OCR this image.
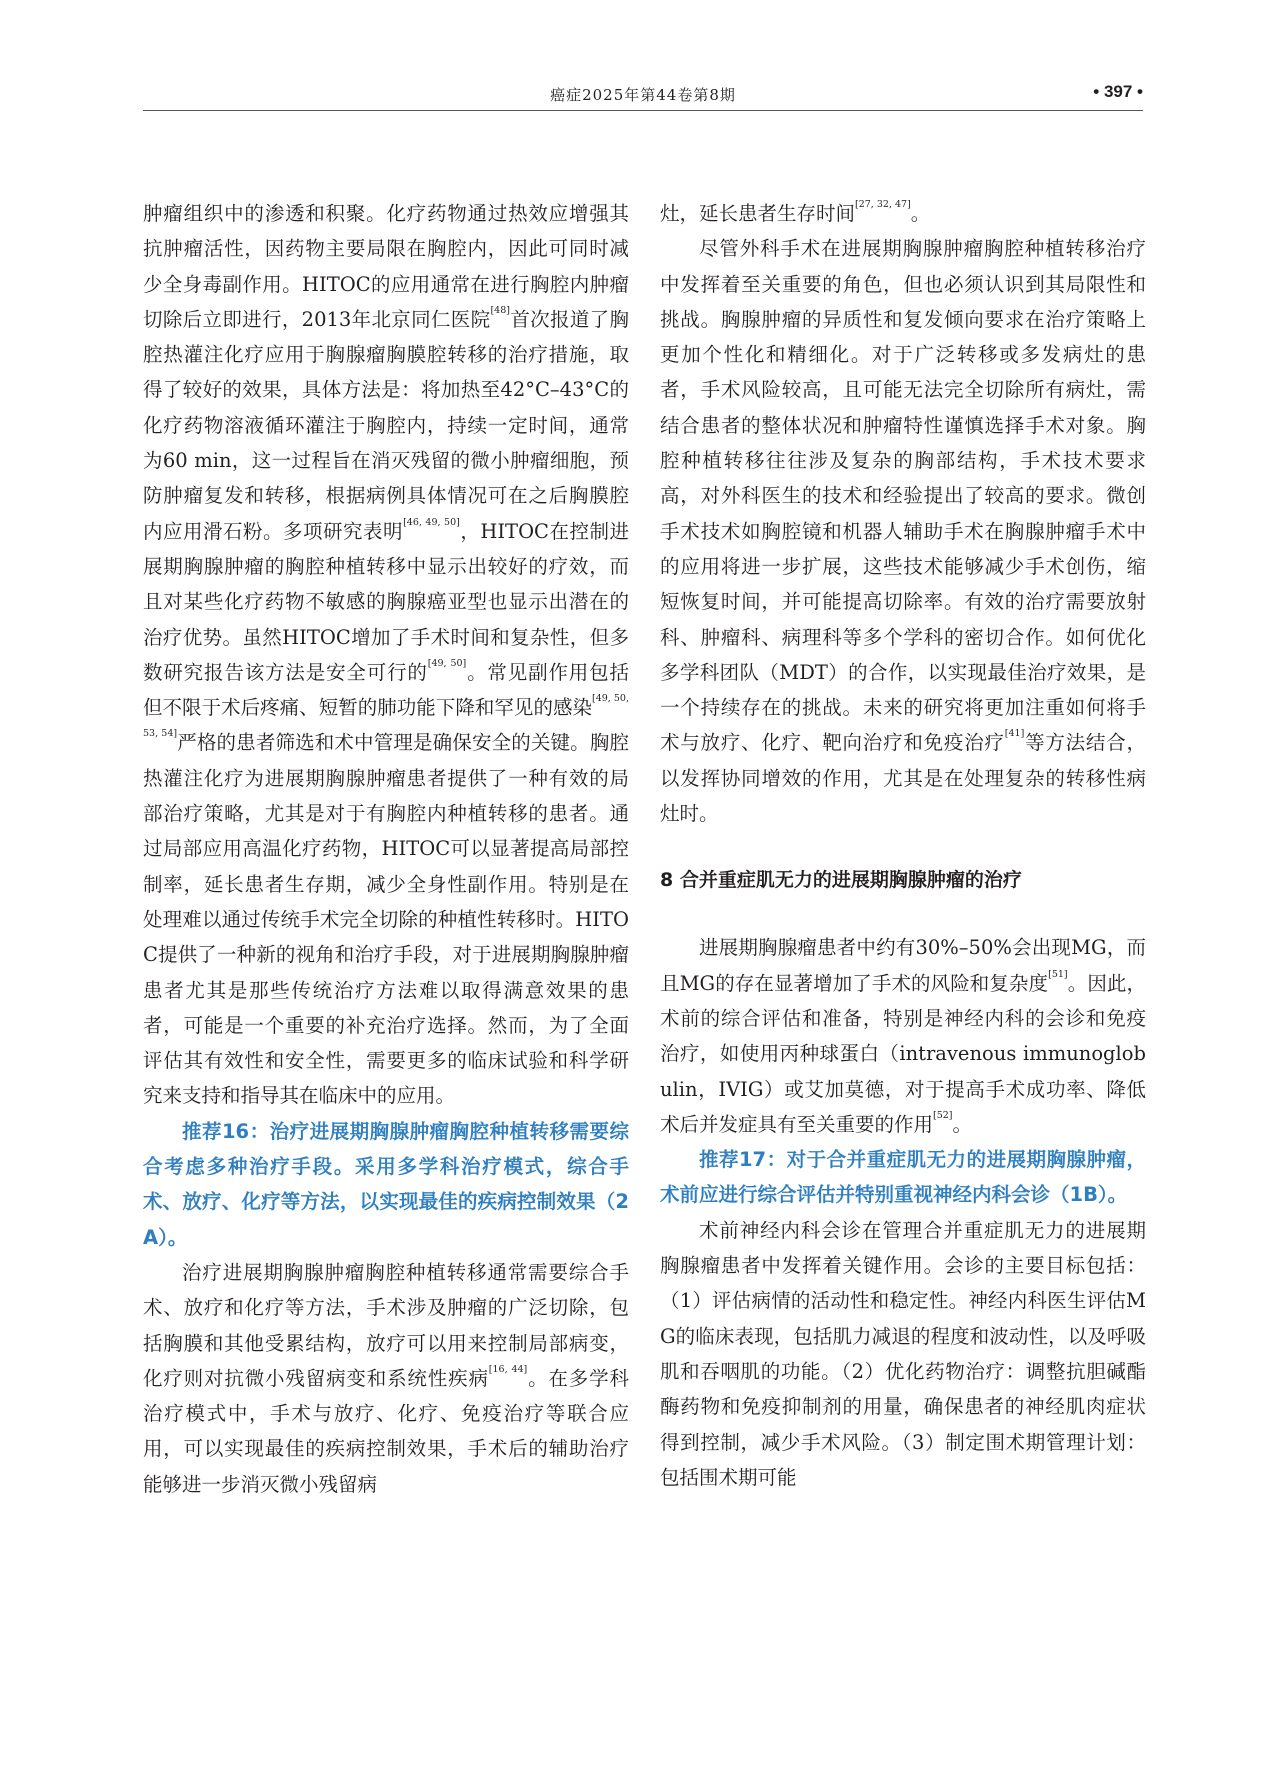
癌症2025年第44卷第8期	• 397 •

肿瘤组织中的渗透和积聚。化疗药物通过热效应增强其抗肿瘤活性，因药物主要局限在胸腔内，因此可同时减少全身毒副作用。HITOC的应用通常在进行胸腔内肿瘤切除后立即进行，2013年北京同仁医院[48]首次报道了胸腔热灌注化疗应用于胸腺瘤胸膜腔转移的治疗措施，取得了较好的效果，具体方法是：将加热至42°C–43°C的化疗药物溶液循环灌注于胸腔内，持续一定时间，通常为60 min，这一过程旨在消灭残留的微小肿瘤细胞，预防肿瘤复发和转移，根据病例具体情况可在之后胸膜腔内应用滑石粉。多项研究表明[46, 49, 50]，HITOC在控制进展期胸腺肿瘤的胸腔种植转移中显示出较好的疗效，而且对某些化疗药物不敏感的胸腺癌亚型也显示出潜在的治疗优势。虽然HITOC增加了手术时间和复杂性，但多数研究报告该方法是安全可行的[49, 50]。常见副作用包括但不限于术后疼痛、短暂的肺功能下降和罕见的感染[49, 50, 53, 54]严格的患者筛选和术中管理是确保安全的关键。胸腔热灌注化疗为进展期胸腺肿瘤患者提供了一种有效的局部治疗策略，尤其是对于有胸腔内种植转移的患者。通过局部应用高温化疗药物，HITOC可以显著提高局部控制率，延长患者生存期，减少全身性副作用。特别是在处理难以通过传统手术完全切除的种植性转移时。HITOC提供了一种新的视角和治疗手段，对于进展期胸腺肿瘤患者尤其是那些传统治疗方法难以取得满意效果的患者，可能是一个重要的补充治疗选择。然而，为了全面评估其有效性和安全性，需要更多的临床试验和科学研究来支持和指导其在临床中的应用。

推荐16：治疗进展期胸腺肿瘤胸腔种植转移需要综合考虑多种治疗手段。采用多学科治疗模式，综合手术、放疗、化疗等方法，以实现最佳的疾病控制效果（2A）。

治疗进展期胸腺肿瘤胸腔种植转移通常需要综合手术、放疗和化疗等方法，手术涉及肿瘤的广泛切除，包括胸膜和其他受累结构，放疗可以用来控制局部病变，化疗则对抗微小残留病变和系统性疾病[16, 44]。在多学科治疗模式中，手术与放疗、化疗、免疫治疗等联合应用，可以实现最佳的疾病控制效果，手术后的辅助治疗能够进一步消灭微小残留病

灶，延长患者生存时间[27, 32, 47]。

尽管外科手术在进展期胸腺肿瘤胸腔种植转移治疗中发挥着至关重要的角色，但也必须认识到其局限性和挑战。胸腺肿瘤的异质性和复发倾向要求在治疗策略上更加个性化和精细化。对于广泛转移或多发病灶的患者，手术风险较高，且可能无法完全切除所有病灶，需结合患者的整体状况和肿瘤特性谨慎选择手术对象。胸腔种植转移往往涉及复杂的胸部结构，手术技术要求高，对外科医生的技术和经验提出了较高的要求。微创手术技术如胸腔镜和机器人辅助手术在胸腺肿瘤手术中的应用将进一步扩展，这些技术能够减少手术创伤，缩短恢复时间，并可能提高切除率。有效的治疗需要放射科、肿瘤科、病理科等多个学科的密切合作。如何优化多学科团队（MDT）的合作，以实现最佳治疗效果，是一个持续存在的挑战。未来的研究将更加注重如何将手术与放疗、化疗、靶向治疗和免疫治疗[41]等方法结合，以发挥协同增效的作用，尤其是在处理复杂的转移性病灶时。

8 合并重症肌无力的进展期胸腺肿瘤的治疗

进展期胸腺瘤患者中约有30%–50%会出现MG，而且MG的存在显著增加了手术的风险和复杂度[51]。因此，术前的综合评估和准备，特别是神经内科的会诊和免疫治疗，如使用丙种球蛋白（intravenous immunoglobulin，IVIG）或艾加莫德，对于提高手术成功率、降低术后并发症具有至关重要的作用[52]。

推荐17：对于合并重症肌无力的进展期胸腺肿瘤，术前应进行综合评估并特别重视神经内科会诊（1B）。

术前神经内科会诊在管理合并重症肌无力的进展期胸腺瘤患者中发挥着关键作用。会诊的主要目标包括：（1）评估病情的活动性和稳定性。神经内科医生评估MG的临床表现，包括肌力减退的程度和波动性，以及呼吸肌和吞咽肌的功能。（2）优化药物治疗：调整抗胆碱酯酶药物和免疫抑制剂的用量，确保患者的神经肌肉症状得到控制，减少手术风险。（3）制定围术期管理计划：包括围术期可能
